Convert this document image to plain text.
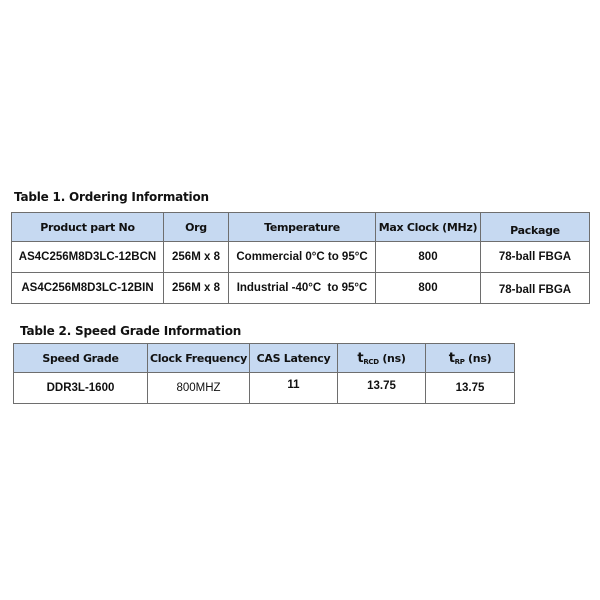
Table 1. Ordering Information
Product part No	Org	Temperature	Max Clock (MHz)	Package
AS4C256M8D3LC-12BCN	256M x 8	Commercial 0°C to 95°C	800	78-ball FBGA
AS4C256M8D3LC-12BIN	256M x 8	Industrial -40°C  to 95°C	800	78-ball FBGA
Table 2. Speed Grade Information
Speed Grade	Clock Frequency	CAS Latency	$t_{RCD}$ (ns)	$t_{RP}$ (ns)
DDR3L-1600	800MHZ	11	13.75	13.75
